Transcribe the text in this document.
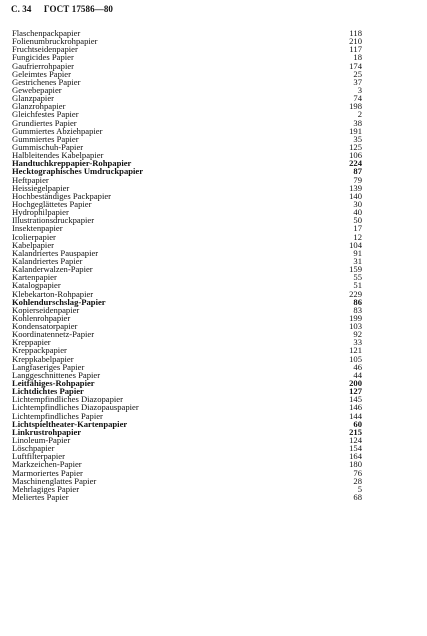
С. 34 ГОСТ 17586—80
Flaschenpackpapier	118
Folienumbruckrohpapier	210
Fruchtseidenpapier	117
Fungicides Papier	18
Gaufrierrohpapier	174
Geleimtes Papier	25
Gestrichenes Papier	37
Gewebepapier	3
Glanzpapier	74
Glanzrohpapier	198
Gleichfestes Papier	2
Grundiertes Papier	38
Gummiertes Abziehpapier	191
Gummiertes Papier	35
Gummischuh-Papier	125
Halbleitendes Kabelpapier	106
Handtuchkreppapier-Rohpapier	224
Hecktographisches Umdruckpapier	87
Heftpapier	79
Heissiegelpapier	139
Hochbeständiges Packpapier	140
Hochgeglättetes Papier	30
Hydrophilpapier	40
Illustrationsdruckpapier	50
Insektenpapier	17
Icolierpapier	12
Kabelpapier	104
Kalandriertes Pauspapier	91
Kalandriertes Papier	31
Kalanderwalzen-Papier	159
Kartenpapier	55
Katalogpapier	51
Klebekarton-Rohpapier	229
Kohlendurschslag-Papier	86
Kopierseidenpapier	83
Kohlenrohpapier	199
Kondensatorpapier	103
Koordinatennetz-Papier	92
Kreppapier	33
Kreppackpapier	121
Kreppkabelpapier	105
Langfaseriges Papier	46
Langgeschnittenes Papier	44
Leitfähiges-Rohpapier	200
Lichtdichtes Papier	127
Lichtempfindliches Diazopapier	145
Lichtempfindliches Diazopauspapier	146
Lichtempfindliches Papier	144
Lichtspieltheater-Kartenpapier	60
Linkrustrohpapier	215
Linoleum-Papier	124
Löschpapier	154
Luftfilterpapier	164
Markzeichen-Papier	180
Marmoriertes Papier	76
Maschinenglattes Papier	28
Mehrlagiges Papier	5
Meliertes Papier	68
